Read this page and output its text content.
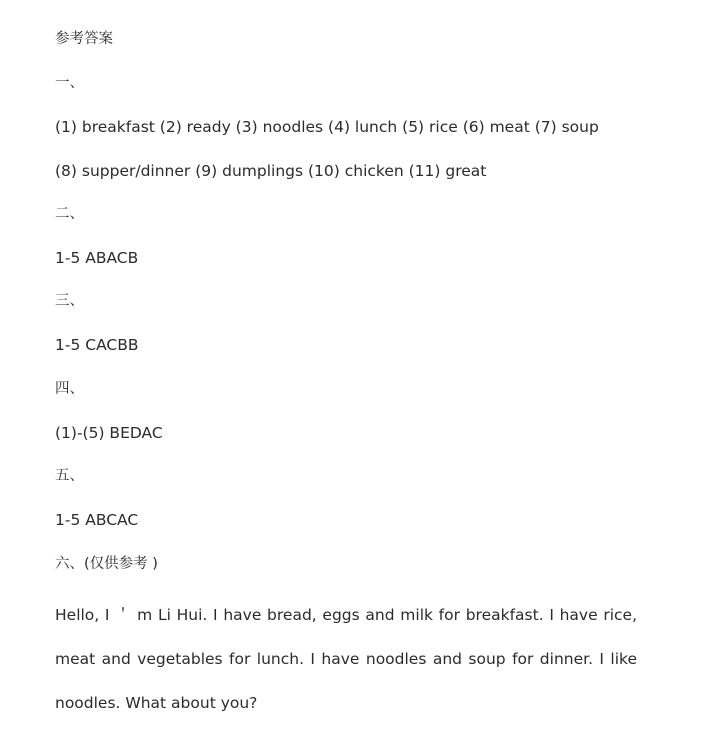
参考答案
一、
(1) breakfast (2) ready (3) noodles (4) lunch (5) rice (6) meat (7) soup
(8) supper/dinner (9) dumplings (10) chicken (11) great
二、
1-5 ABACB
三、
1-5 CACBB
四、
(1)-(5) BEDAC
五、
1-5 ABCAC
六、(仅供参考 )
Hello, I ＇ m Li Hui. I have bread, eggs and milk for breakfast. I have rice, meat and vegetables for lunch. I have noodles and soup for dinner. I like noodles. What about you?
